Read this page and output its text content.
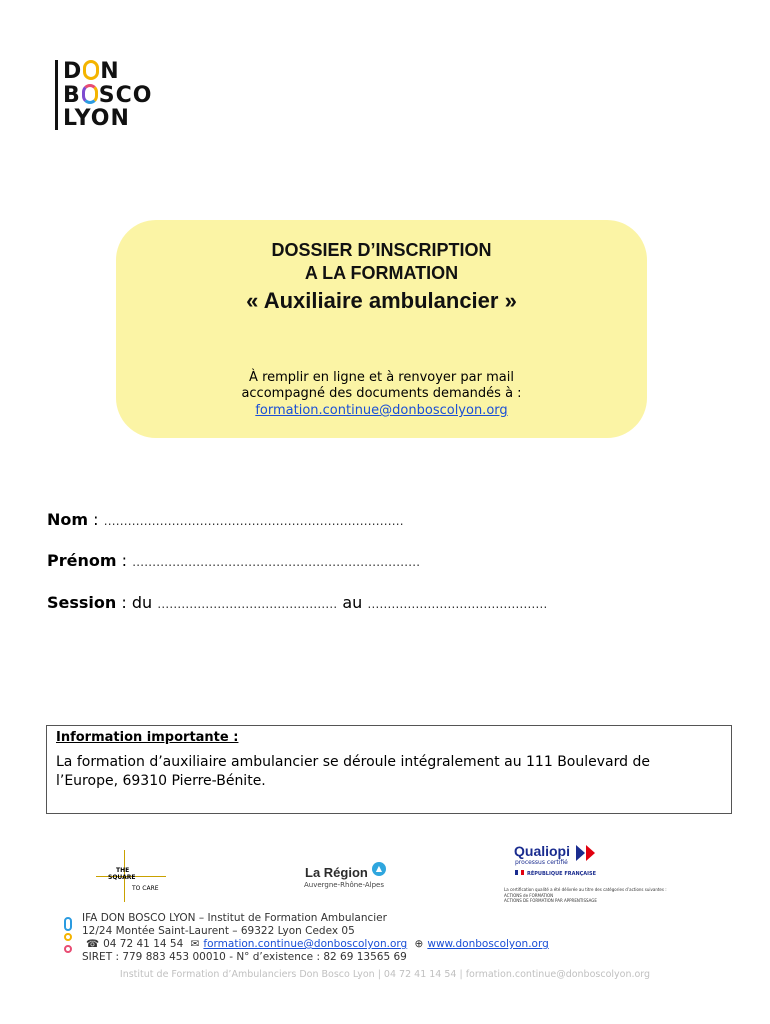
D N
B SCO
LYON
DOSSIER D’INSCRIPTION
A LA FORMATION
« Auxiliaire ambulancier »
À remplir en ligne et à renvoyer par mail
accompagné des documents demandés à :
formation.continue@donboscolyon.org
Nom : …………………………………………………………………
Prénom : ………………………………………………………………
Session : du ……………………………………… au ………………………………………
Information importante :
La formation d’auxiliaire ambulancier se déroule intégralement au 111 Boulevard de l’Europe, 69310 Pierre-Bénite.
THE
SQUARE
TO CARE
La Région	▲
Auvergne-Rhône-Alpes
Qualiopi
processus certifié
RÉPUBLIQUE FRANÇAISE
La certification qualité a été délivrée au titre des catégories d’actions suivantes :
ACTIONS de FORMATION
ACTIONS DE FORMATION PAR APPRENTISSAGE
IFA DON BOSCO LYON – Institut de Formation Ambulancier
12/24 Montée Saint-Laurent – 69322 Lyon Cedex 05
☎ 04 72 41 14 54 ✉ formation.continue@donboscolyon.org ⊕ www.donboscolyon.org
SIRET : 779 883 453 00010 - N° d’existence : 82 69 13565 69
Institut de Formation d’Ambulanciers Don Bosco Lyon | 04 72 41 14 54 | formation.continue@donboscolyon.org
